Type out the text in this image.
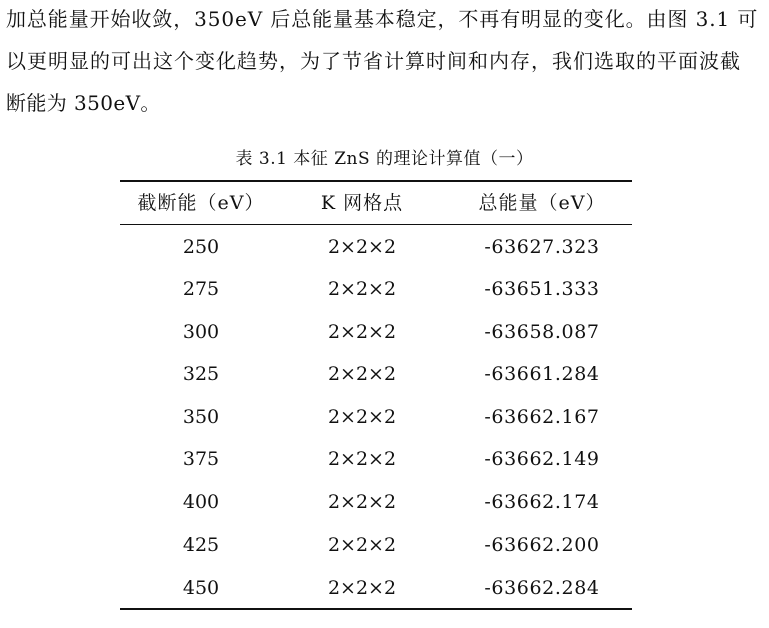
加总能量开始收敛，350eV 后总能量基本稳定，不再有明显的变化。由图 3.1 可
以更明显的可出这个变化趋势，为了节省计算时间和内存，我们选取的平面波截
断能为 350eV。
表 3.1 本征 ZnS 的理论计算值（一）
截断能（eV）	K 网格点	总能量（eV）
250	2×2×2	-63627.323
275	2×2×2	-63651.333
300	2×2×2	-63658.087
325	2×2×2	-63661.284
350	2×2×2	-63662.167
375	2×2×2	-63662.149
400	2×2×2	-63662.174
425	2×2×2	-63662.200
450	2×2×2	-63662.284
